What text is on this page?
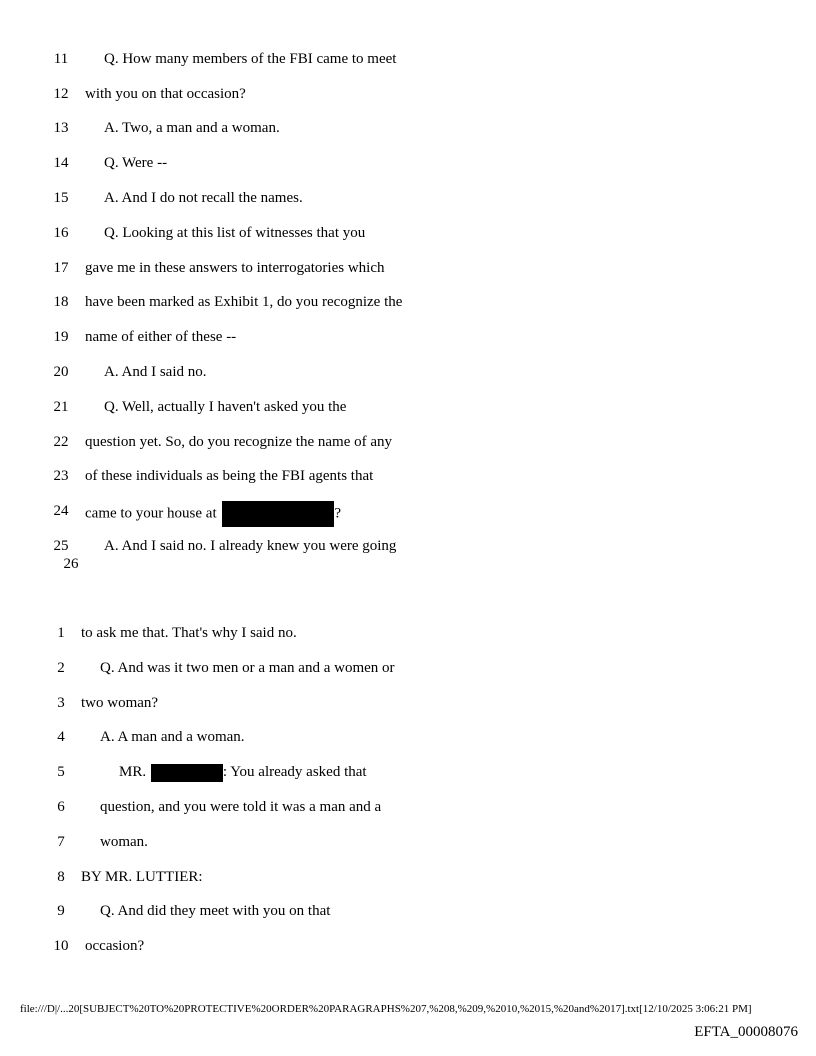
11	Q. How many members of the FBI came to meet
12	with you on that occasion?
13	A. Two, a man and a woman.
14	Q. Were --
15	A. And I do not recall the names.
16	Q. Looking at this list of witnesses that you
17	gave me in these answers to interrogatories which
18	have been marked as Exhibit 1, do you recognize the
19	name of either of these --
20	A. And I said no.
21	Q. Well, actually I haven't asked you the
22	question yet. So, do you recognize the name of any
23	of these individuals as being the FBI agents that
24	came to your house at	?
25	A. And I said no. I already knew you were going
26
1	to ask me that. That's why I said no.
2	Q. And was it two men or a man and a women or
3	two woman?
4	A. A man and a woman.
5	MR.	: You already asked that
6	question, and you were told it was a man and a
7	woman.
8	BY MR. LUTTIER:
9	Q. And did they meet with you on that
10	occasion?
file:///D|/...20[SUBJECT%20TO%20PROTECTIVE%20ORDER%20PARAGRAPHS%207,%208,%209,%2010,%2015,%20and%2017].txt[12/10/2025 3:06:21 PM]
EFTA_00008076
